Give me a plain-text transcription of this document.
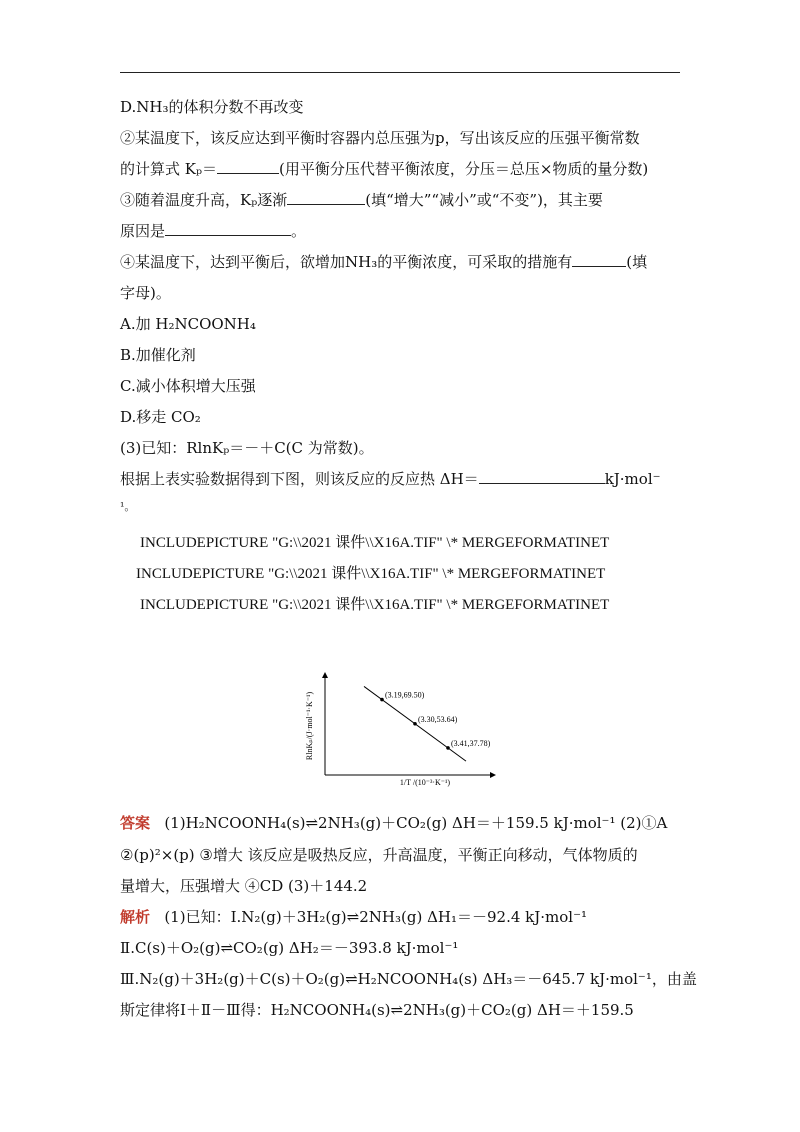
D.NH₃的体积分数不再改变
②某温度下，该反应达到平衡时容器内总压强为p，写出该反应的压强平衡常数
的计算式 Kₚ＝	(用平衡分压代替平衡浓度，分压＝总压×物质的量分数)
③随着温度升高，Kₚ逐渐	(填“增大”“减小”或“不变”)，其主要
原因是	。
④某温度下，达到平衡后，欲增加NH₃的平衡浓度，可采取的措施有	(填
字母)。
A.加 H₂NCOONH₄
B.加催化剂
C.减小体积增大压强
D.移走 CO₂
(3)已知：RlnKₚ＝－＋C(C 为常数)。
根据上表实验数据得到下图，则该反应的反应热 ΔH＝	kJ·mol⁻
¹。
INCLUDEPICTURE "G:\\2021 课件\\X16A.TIF" \* MERGEFORMATINET
INCLUDEPICTURE "G:\\2021 课件\\X16A.TIF" \* MERGEFORMATINET
INCLUDEPICTURE "G:\\2021 课件\\X16A.TIF" \* MERGEFORMATINET
答案 (1)H₂NCOONH₄(s)⇌2NH₃(g)＋CO₂(g) ΔH＝＋159.5 kJ·mol⁻¹ (2)①A
②(p)²×(p) ③增大 该反应是吸热反应，升高温度，平衡正向移动，气体物质的
量增大，压强增大 ④CD (3)＋144.2
解析 (1)已知：Ⅰ.N₂(g)＋3H₂(g)⇌2NH₃(g) ΔH₁＝－92.4 kJ·mol⁻¹
Ⅱ.C(s)＋O₂(g)⇌CO₂(g) ΔH₂＝－393.8 kJ·mol⁻¹
Ⅲ.N₂(g)＋3H₂(g)＋C(s)＋O₂(g)⇌H₂NCOONH₄(s) ΔH₃＝－645.7 kJ·mol⁻¹，由盖
斯定律将Ⅰ＋Ⅱ－Ⅲ得：H₂NCOONH₄(s)⇌2NH₃(g)＋CO₂(g) ΔH＝＋159.5
RlnKₚ/(J·mol⁻¹·K⁻¹)
1/T /(10⁻³·K⁻¹)
(3.19,69.50)
(3.30,53.64)
(3.41,37.78)
